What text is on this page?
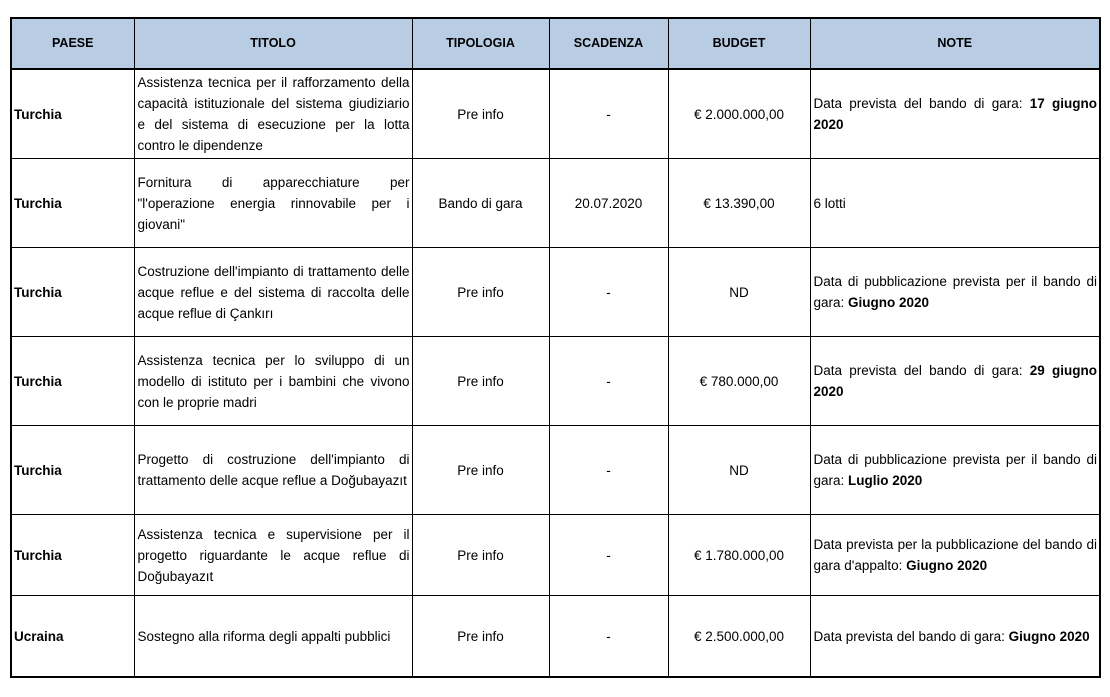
PAESE	TITOLO	TIPOLOGIA	SCADENZA	BUDGET	NOTE
Turchia	Assistenza tecnica per il rafforzamento della capacità istituzionale del sistema giudiziario e del sistema di esecuzione per la lotta contro le dipendenze	Pre info	-	€ 2.000.000,00	Data prevista del bando di gara: 17 giugno 2020
Turchia	Fornitura di apparecchiature per "l'operazione energia rinnovabile per i giovani"	Bando di gara	20.07.2020	€ 13.390,00	6 lotti
Turchia	Costruzione dell'impianto di trattamento delle acque reflue e del sistema di raccolta delle acque reflue di Çankırı	Pre info	-	ND	Data di pubblicazione prevista per il bando di gara: Giugno 2020
Turchia	Assistenza tecnica per lo sviluppo di un modello di istituto per i bambini che vivono con le proprie madri	Pre info	-	€ 780.000,00	Data prevista del bando di gara: 29 giugno 2020
Turchia	Progetto di costruzione dell'impianto di trattamento delle acque reflue a Doğubayazıt	Pre info	-	ND	Data di pubblicazione prevista per il bando di gara: Luglio 2020
Turchia	Assistenza tecnica e supervisione per il progetto riguardante le acque reflue di Doğubayazıt	Pre info	-	€ 1.780.000,00	Data prevista per la pubblicazione del bando di gara d'appalto: Giugno 2020
Ucraina	Sostegno alla riforma degli appalti pubblici	Pre info	-	€ 2.500.000,00	Data prevista del bando di gara: Giugno 2020
